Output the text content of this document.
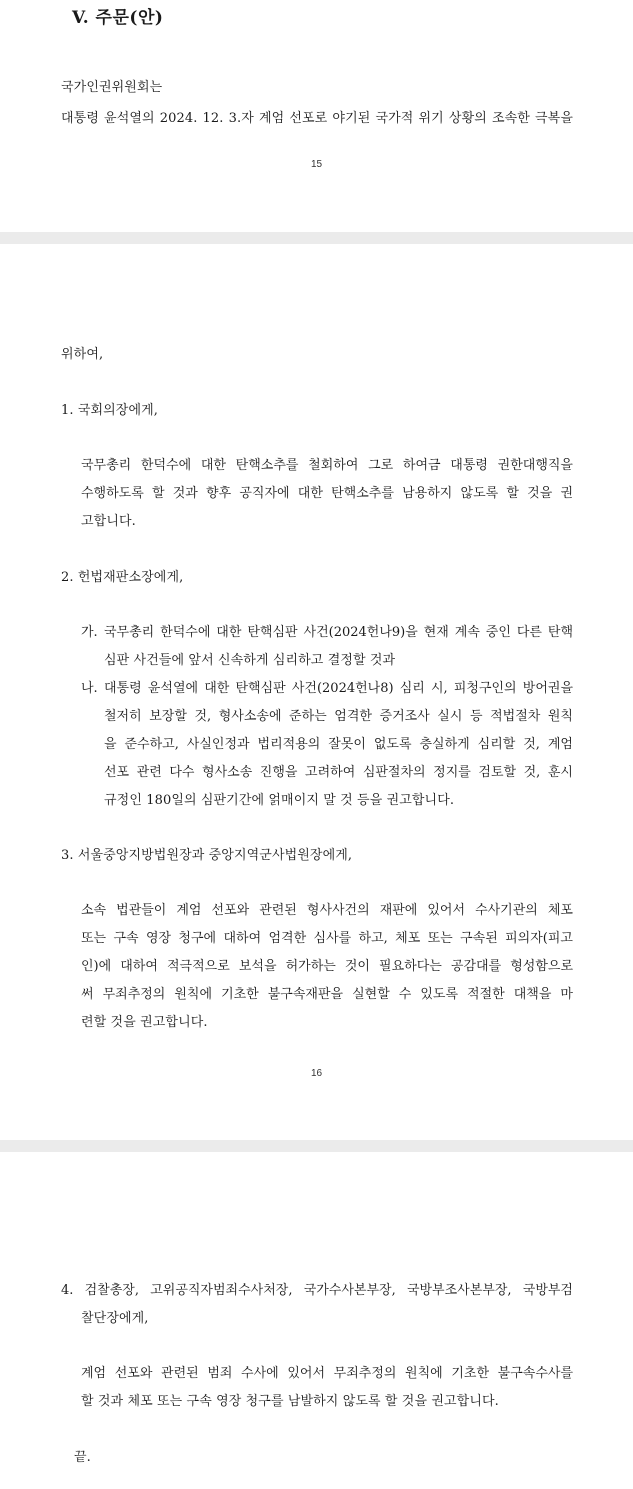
V. 주문(안)
국가인권위원회는
대통령 윤석열의 2024. 12. 3.자 계엄 선포로 야기된 국가적 위기 상황의 조속한 극복을
15
위하여,
1. 국회의장에게,
국무총리 한덕수에 대한 탄핵소추를 철회하여 그로 하여금 대통령 권한대행직을
수행하도록 할 것과 향후 공직자에 대한 탄핵소추를 남용하지 않도록 할 것을 권
고합니다.
2. 헌법재판소장에게,
가. 국무총리 한덕수에 대한 탄핵심판 사건(2024헌나9)을 현재 계속 중인 다른 탄핵
심판 사건들에 앞서 신속하게 심리하고 결정할 것과
나. 대통령 윤석열에 대한 탄핵심판 사건(2024헌나8) 심리 시, 피청구인의 방어권을
철저히 보장할 것, 형사소송에 준하는 엄격한 증거조사 실시 등 적법절차 원칙
을 준수하고, 사실인정과 법리적용의 잘못이 없도록 충실하게 심리할 것, 계엄
선포 관련 다수 형사소송 진행을 고려하여 심판절차의 정지를 검토할 것, 훈시
규정인 180일의 심판기간에 얽매이지 말 것 등을 권고합니다.
3. 서울중앙지방법원장과 중앙지역군사법원장에게,
소속 법관들이 계엄 선포와 관련된 형사사건의 재판에 있어서 수사기관의 체포
또는 구속 영장 청구에 대하여 엄격한 심사를 하고, 체포 또는 구속된 피의자(피고
인)에 대하여 적극적으로 보석을 허가하는 것이 필요하다는 공감대를 형성함으로
써 무죄추정의 원칙에 기초한 불구속재판을 실현할 수 있도록 적절한 대책을 마
련할 것을 권고합니다.
16
4. 검찰총장, 고위공직자범죄수사처장, 국가수사본부장, 국방부조사본부장, 국방부검
찰단장에게,
계엄 선포와 관련된 범죄 수사에 있어서 무죄추정의 원칙에 기초한 불구속수사를
할 것과 체포 또는 구속 영장 청구를 남발하지 않도록 할 것을 권고합니다.
끝.
